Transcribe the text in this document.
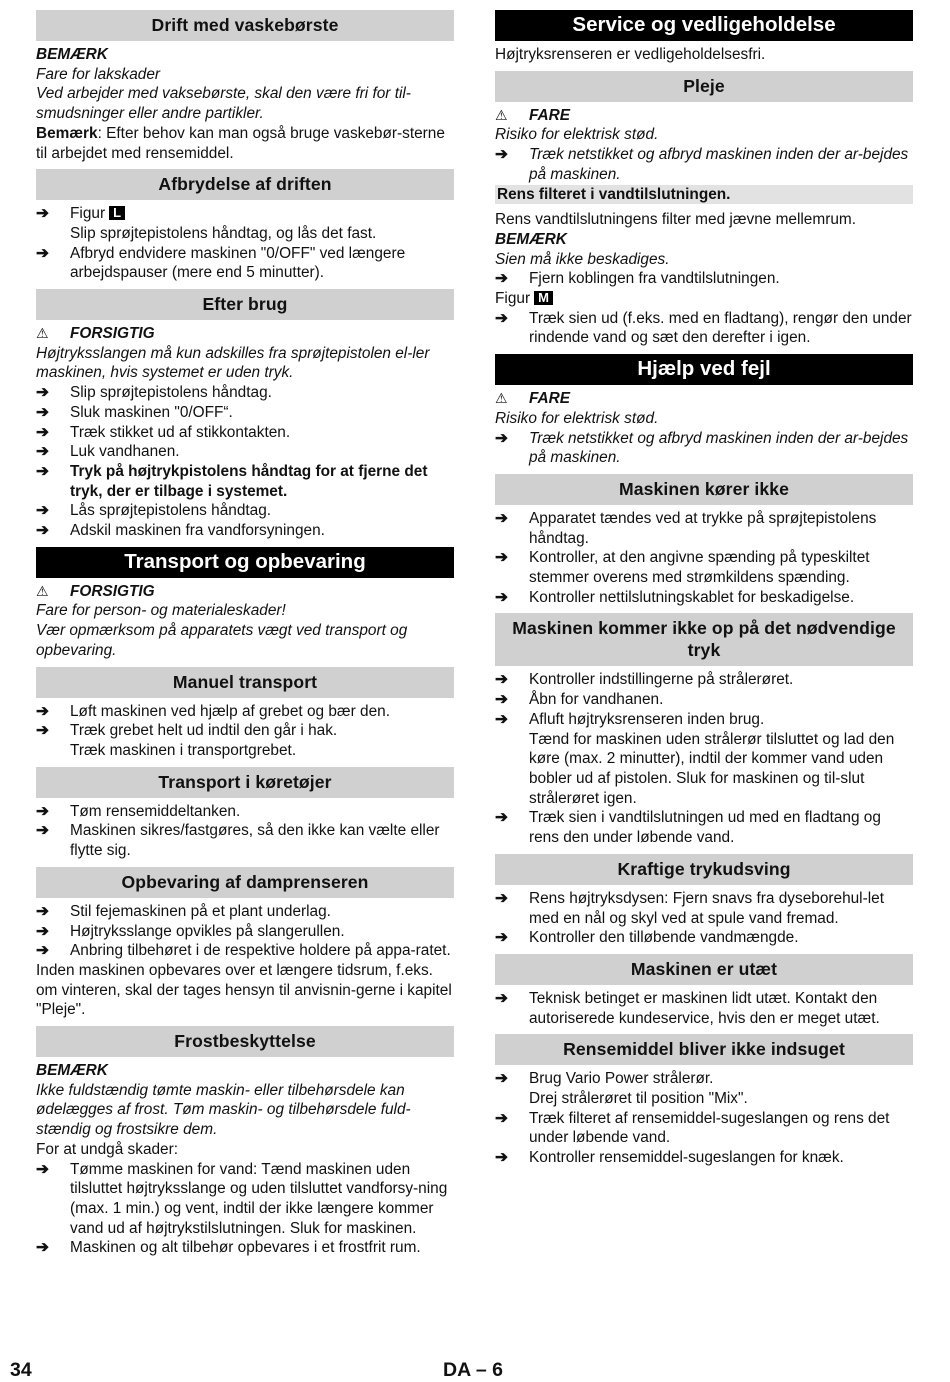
Drift med vaskebørste

BEMÆRK

Fare for lakskader

Ved arbejder med vaksebørste, skal den være fri for til-smudsninger eller andre partikler.

Bemærk: Efter behov kan man også bruge vaskebør-sterne til arbejdet med rensemiddel.

Afbrydelse af driften
➔	Figur L
Slip sprøjtepistolens håndtag, og lås det fast.
➔	Afbryd endvidere maskinen "0/OFF" ved længere arbejdspauser (mere end 5 minutter).
Efter brug
⚠	FORSIGTIG

Højtryksslangen må kun adskilles fra sprøjtepistolen el-ler maskinen, hvis systemet er uden tryk.

➔	Slip sprøjtepistolens håndtag.
➔	Sluk maskinen "0/OFF“.
➔	Træk stikket ud af stikkontakten.
➔	Luk vandhanen.
➔	Tryk på højtrykpistolens håndtag for at fjerne det tryk, der er tilbage i systemet.
➔	Lås sprøjtepistolens håndtag.
➔	Adskil maskinen fra vandforsyningen.
Transport og opbevaring
⚠	FORSIGTIG

Fare for person- og materialeskader!

Vær opmærksom på apparatets vægt ved transport og opbevaring.

Manuel transport
➔	Løft maskinen ved hjælp af grebet og bær den.
➔	Træk grebet helt ud indtil den går i hak.
Træk maskinen i transportgrebet.
Transport i køretøjer
➔	Tøm rensemiddeltanken.
➔	Maskinen sikres/fastgøres, så den ikke kan vælte eller flytte sig.
Opbevaring af damprenseren
➔	Stil fejemaskinen på et plant underlag.
➔	Højtryksslange opvikles på slangerullen.
➔	Anbring tilbehøret i de respektive holdere på appa-ratet.

Inden maskinen opbevares over et længere tidsrum, f.eks. om vinteren, skal der tages hensyn til anvisnin-gerne i kapitel "Pleje".

Frostbeskyttelse

BEMÆRK

Ikke fuldstændig tømte maskin- eller tilbehørsdele kan ødelægges af frost. Tøm maskin- og tilbehørsdele fuld-stændig og frostsikre dem.

For at undgå skader:

➔	Tømme maskinen for vand: Tænd maskinen uden tilsluttet højtryksslange og uden tilsluttet vandforsy-ning (max. 1 min.) og vent, indtil der ikke længere kommer vand ud af højtrykstilslutningen. Sluk for maskinen.
➔	Maskinen og alt tilbehør opbevares i et frostfrit rum.
Service og vedligeholdelse

Højtryksrenseren er vedligeholdelsesfri.

Pleje
⚠	FARE

Risiko for elektrisk stød.

➔	Træk netstikket og afbryd maskinen inden der ar-bejdes på maskinen.
Rens filteret i vandtilslutningen.

Rens vandtilslutningens filter med jævne mellemrum.

BEMÆRK

Sien må ikke beskadiges.

➔	Fjern koblingen fra vandtilslutningen.

Figur M

➔	Træk sien ud (f.eks. med en fladtang), rengør den under rindende vand og sæt den derefter i igen.
Hjælp ved fejl
⚠	FARE

Risiko for elektrisk stød.

➔	Træk netstikket og afbryd maskinen inden der ar-bejdes på maskinen.
Maskinen kører ikke
➔	Apparatet tændes ved at trykke på sprøjtepistolens håndtag.
➔	Kontroller, at den angivne spænding på typeskiltet stemmer overens med strømkildens spænding.
➔	Kontroller nettilslutningskablet for beskadigelse.
Maskinen kommer ikke op på det nødvendige tryk
➔	Kontroller indstillingerne på strålerøret.
➔	Åbn for vandhanen.
➔	Afluft højtryksrenseren inden brug.
Tænd for maskinen uden strålerør tilsluttet og lad den køre (max. 2 minutter), indtil der kommer vand uden bobler ud af pistolen. Sluk for maskinen og til-slut strålerøret igen.
➔	Træk sien i vandtilslutningen ud med en fladtang og rens den under løbende vand.
Kraftige trykudsving
➔	Rens højtryksdysen: Fjern snavs fra dyseborehul-let med en nål og skyl ved at spule vand fremad.
➔	Kontroller den tilløbende vandmængde.
Maskinen er utæt
➔	Teknisk betinget er maskinen lidt utæt. Kontakt den autoriserede kundeservice, hvis den er meget utæt.
Rensemiddel bliver ikke indsuget
➔	Brug Vario Power strålerør.
Drej strålerøret til position "Mix".
➔	Træk filteret af rensemiddel-sugeslangen og rens det under løbende vand.
➔	Kontroller rensemiddel-sugeslangen for knæk.
34	DA – 6
